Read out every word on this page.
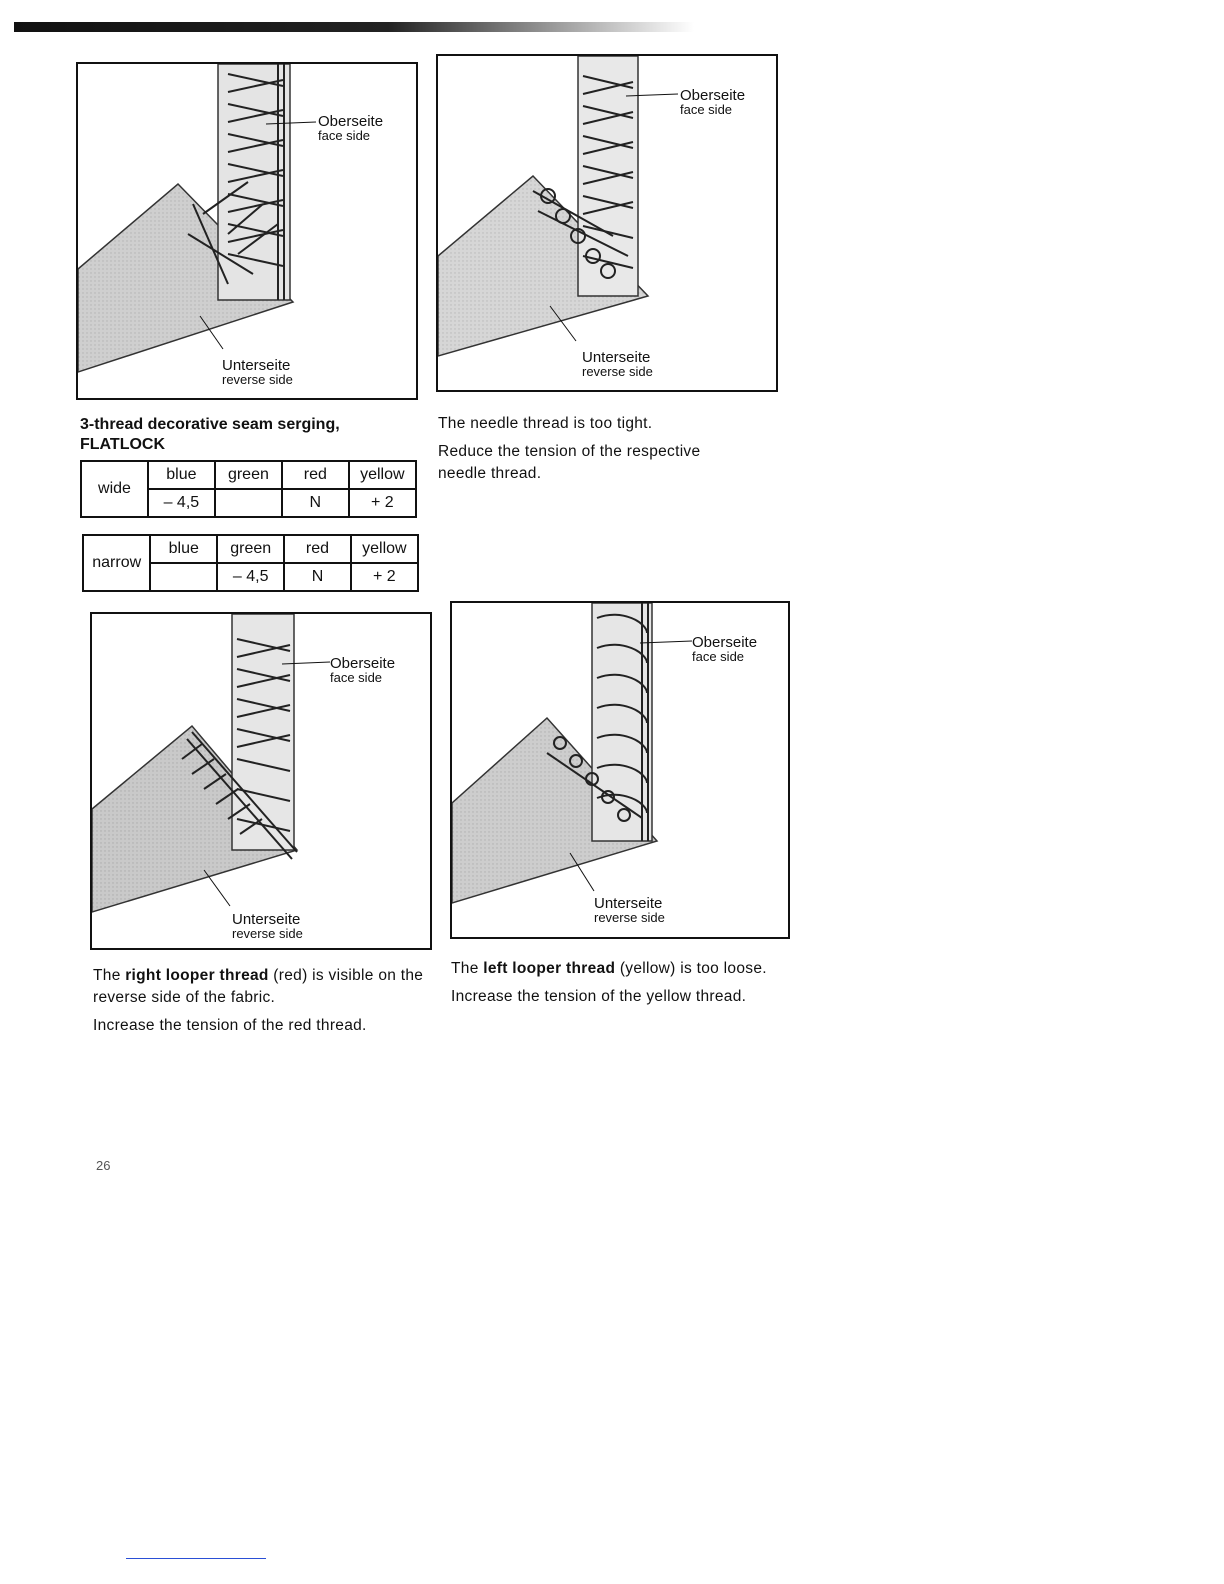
Oberseite
face side
Unterseite
reverse side
Oberseite
face side
Unterseite
reverse side
3-thread decorative seam serging,
FLATLOCK
wide	blue	green	red	yellow
	– 4,5		N	+ 2
narrow	blue	green	red	yellow
		– 4,5	N	+ 2

The needle thread is too tight.

Reduce the tension of the respective needle thread.

Oberseite
face side
Unterseite
reverse side
Oberseite
face side
Unterseite
reverse side

The right looper thread (red) is visible on the reverse side of the fabric.

Increase the tension of the red thread.

The left looper thread (yellow) is too loose.

Increase the tension of the yellow thread.

26
